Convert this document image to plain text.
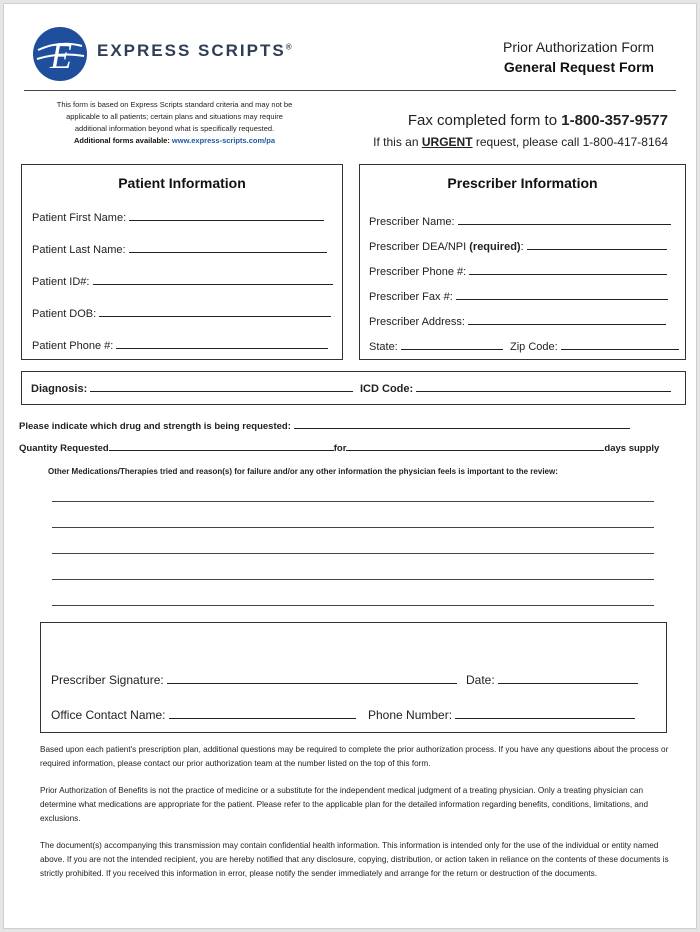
E EXPRESS SCRIPTS®	Prior Authorization Form
General Request Form
This form is based on Express Scripts standard criteria and may not be
applicable to all patients; certain plans and situations may require
additional information beyond what is specifically requested.
Additional forms available: www.express-scripts.com/pa
Fax completed form to 1-800-357-9577
If this an URGENT request, please call 1-800-417-8164
Patient Information
Patient First Name:
Patient Last Name:
Patient ID#:
Patient DOB:
Patient Phone #:
Prescriber Information
Prescriber Name:
Prescriber DEA/NPI (required):
Prescriber Phone #:
Prescriber Fax #:
Prescriber Address:
State:	Zip Code:
Diagnosis:	ICD Code:
Please indicate which drug and strength is being requested:
Quantity Requested	for	days supply
Other Medications/Therapies tried and reason(s) for failure and/or any other information the physician feels is important to the review:
Prescriber Signature:	Date:
Office Contact Name:	Phone Number:
Based upon each patient's prescription plan, additional questions may be required to complete the prior authorization process. If you have any questions about the process or required information, please contact our prior authorization team at the number listed on the top of this form.
Prior Authorization of Benefits is not the practice of medicine or a substitute for the independent medical judgment of a treating physician. Only a treating physician can determine what medications are appropriate for the patient. Please refer to the applicable plan for the detailed information regarding benefits, conditions, limitations, and exclusions.
The document(s) accompanying this transmission may contain confidential health information. This information is intended only for the use of the individual or entity named above. If you are not the intended recipient, you are hereby notified that any disclosure, copying, distribution, or action taken in reliance on the contents of these documents is strictly prohibited. If you received this information in error, please notify the sender immediately and arrange for the return or destruction of the documents.
